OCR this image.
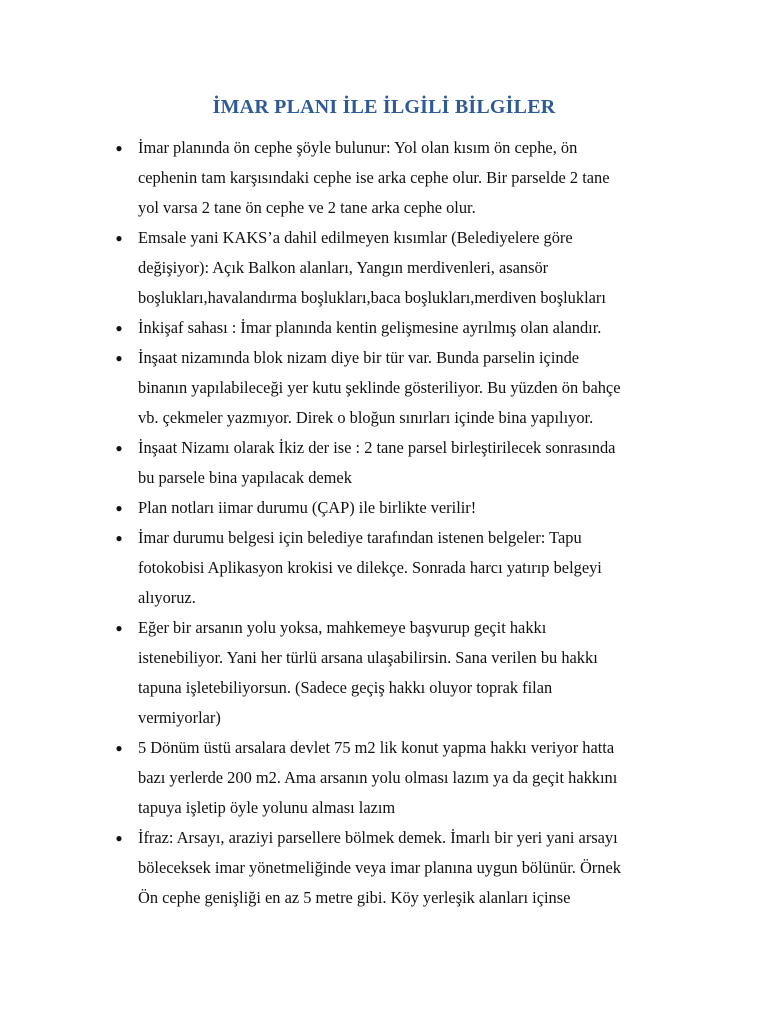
İMAR PLANI İLE İLGİLİ BİLGİLER
● İmar planında ön cephe şöyle bulunur: Yol olan kısım ön cephe, ön
cephenin tam karşısındaki cephe ise arka cephe olur. Bir parselde 2 tane
yol varsa 2 tane ön cephe ve 2 tane arka cephe olur.
● Emsale yani KAKS’a dahil edilmeyen kısımlar (Belediyelere göre
değişiyor): Açık Balkon alanları, Yangın merdivenleri, asansör
boşlukları,havalandırma boşlukları,baca boşlukları,merdiven boşlukları
● İnkişaf sahası : İmar planında kentin gelişmesine ayrılmış olan alandır.
● İnşaat nizamında blok nizam diye bir tür var. Bunda parselin içinde
binanın yapılabileceği yer kutu şeklinde gösteriliyor. Bu yüzden ön bahçe
vb. çekmeler yazmıyor. Direk o bloğun sınırları içinde bina yapılıyor.
● İnşaat Nizamı olarak İkiz der ise : 2 tane parsel birleştirilecek sonrasında
bu parsele bina yapılacak demek
● Plan notları iimar durumu (ÇAP) ile birlikte verilir!
● İmar durumu belgesi için belediye tarafından istenen belgeler: Tapu
fotokobisi Aplikasyon krokisi ve dilekçe. Sonrada harcı yatırıp belgeyi
alıyoruz.
● Eğer bir arsanın yolu yoksa, mahkemeye başvurup geçit hakkı
istenebiliyor. Yani her türlü arsana ulaşabilirsin. Sana verilen bu hakkı
tapuna işletebiliyorsun. (Sadece geçiş hakkı oluyor toprak filan
vermiyorlar)
● 5 Dönüm üstü arsalara devlet 75 m2 lik konut yapma hakkı veriyor hatta
bazı yerlerde 200 m2. Ama arsanın yolu olması lazım ya da geçit hakkını
tapuya işletip öyle yolunu alması lazım
● İfraz: Arsayı, araziyi parsellere bölmek demek. İmarlı bir yeri yani arsayı
böleceksek imar yönetmeliğinde veya imar planına uygun bölünür. Örnek
Ön cephe genişliği en az 5 metre gibi. Köy yerleşik alanları içinse
